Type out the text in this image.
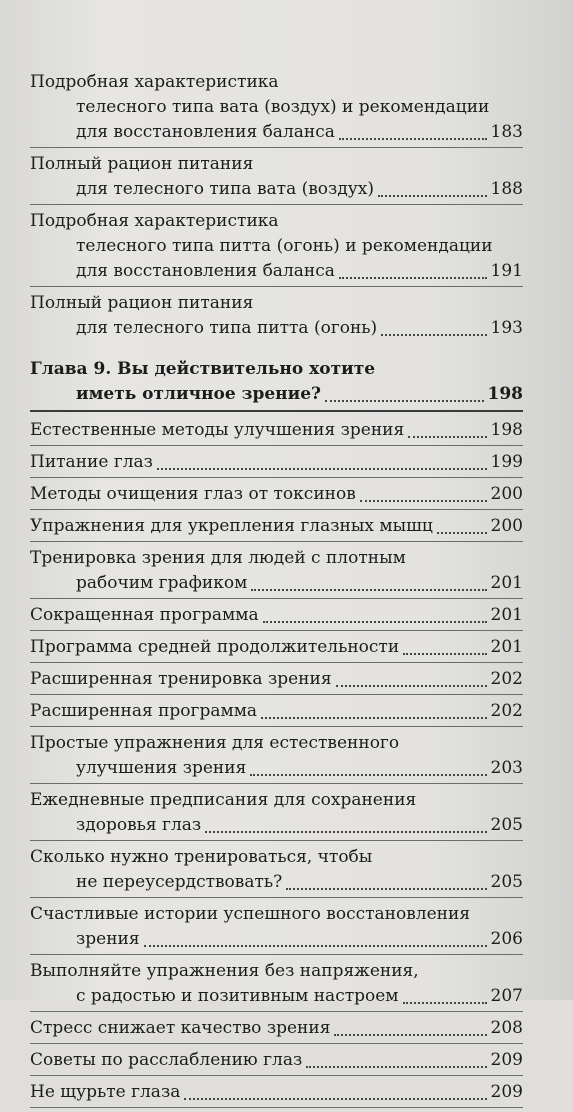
Подробная характеристика
телесного типа вата (воздух) и рекомендации
для восстановления баланса	183
Полный рацион питания
для телесного типа вата (воздух)	188
Подробная характеристика
телесного типа питта (огонь) и рекомендации
для восстановления баланса	191
Полный рацион питания
для телесного типа питта (огонь)	193
Глава 9. Вы действительно хотите
иметь отличное зрение?	198
Естественные методы улучшения зрения	198
Питание глаз	199
Методы очищения глаз от токсинов	200
Упражнения для укрепления глазных мышц	200
Тренировка зрения для людей с плотным
рабочим графиком	201
Сокращенная программа	201
Программа средней продолжительности	201
Расширенная тренировка зрения	202
Расширенная программа	202
Простые упражнения для естественного
улучшения зрения	203
Ежедневные предписания для сохранения
здоровья глаз	205
Сколько нужно тренироваться, чтобы
не переусердствовать?	205
Счастливые истории успешного восстановления
зрения	206
Выполняйте упражнения без напряжения,
с радостью и позитивным настроем	207
Стресс снижает качество зрения	208
Советы по расслаблению глаз	209
Не щурьте глаза	209
